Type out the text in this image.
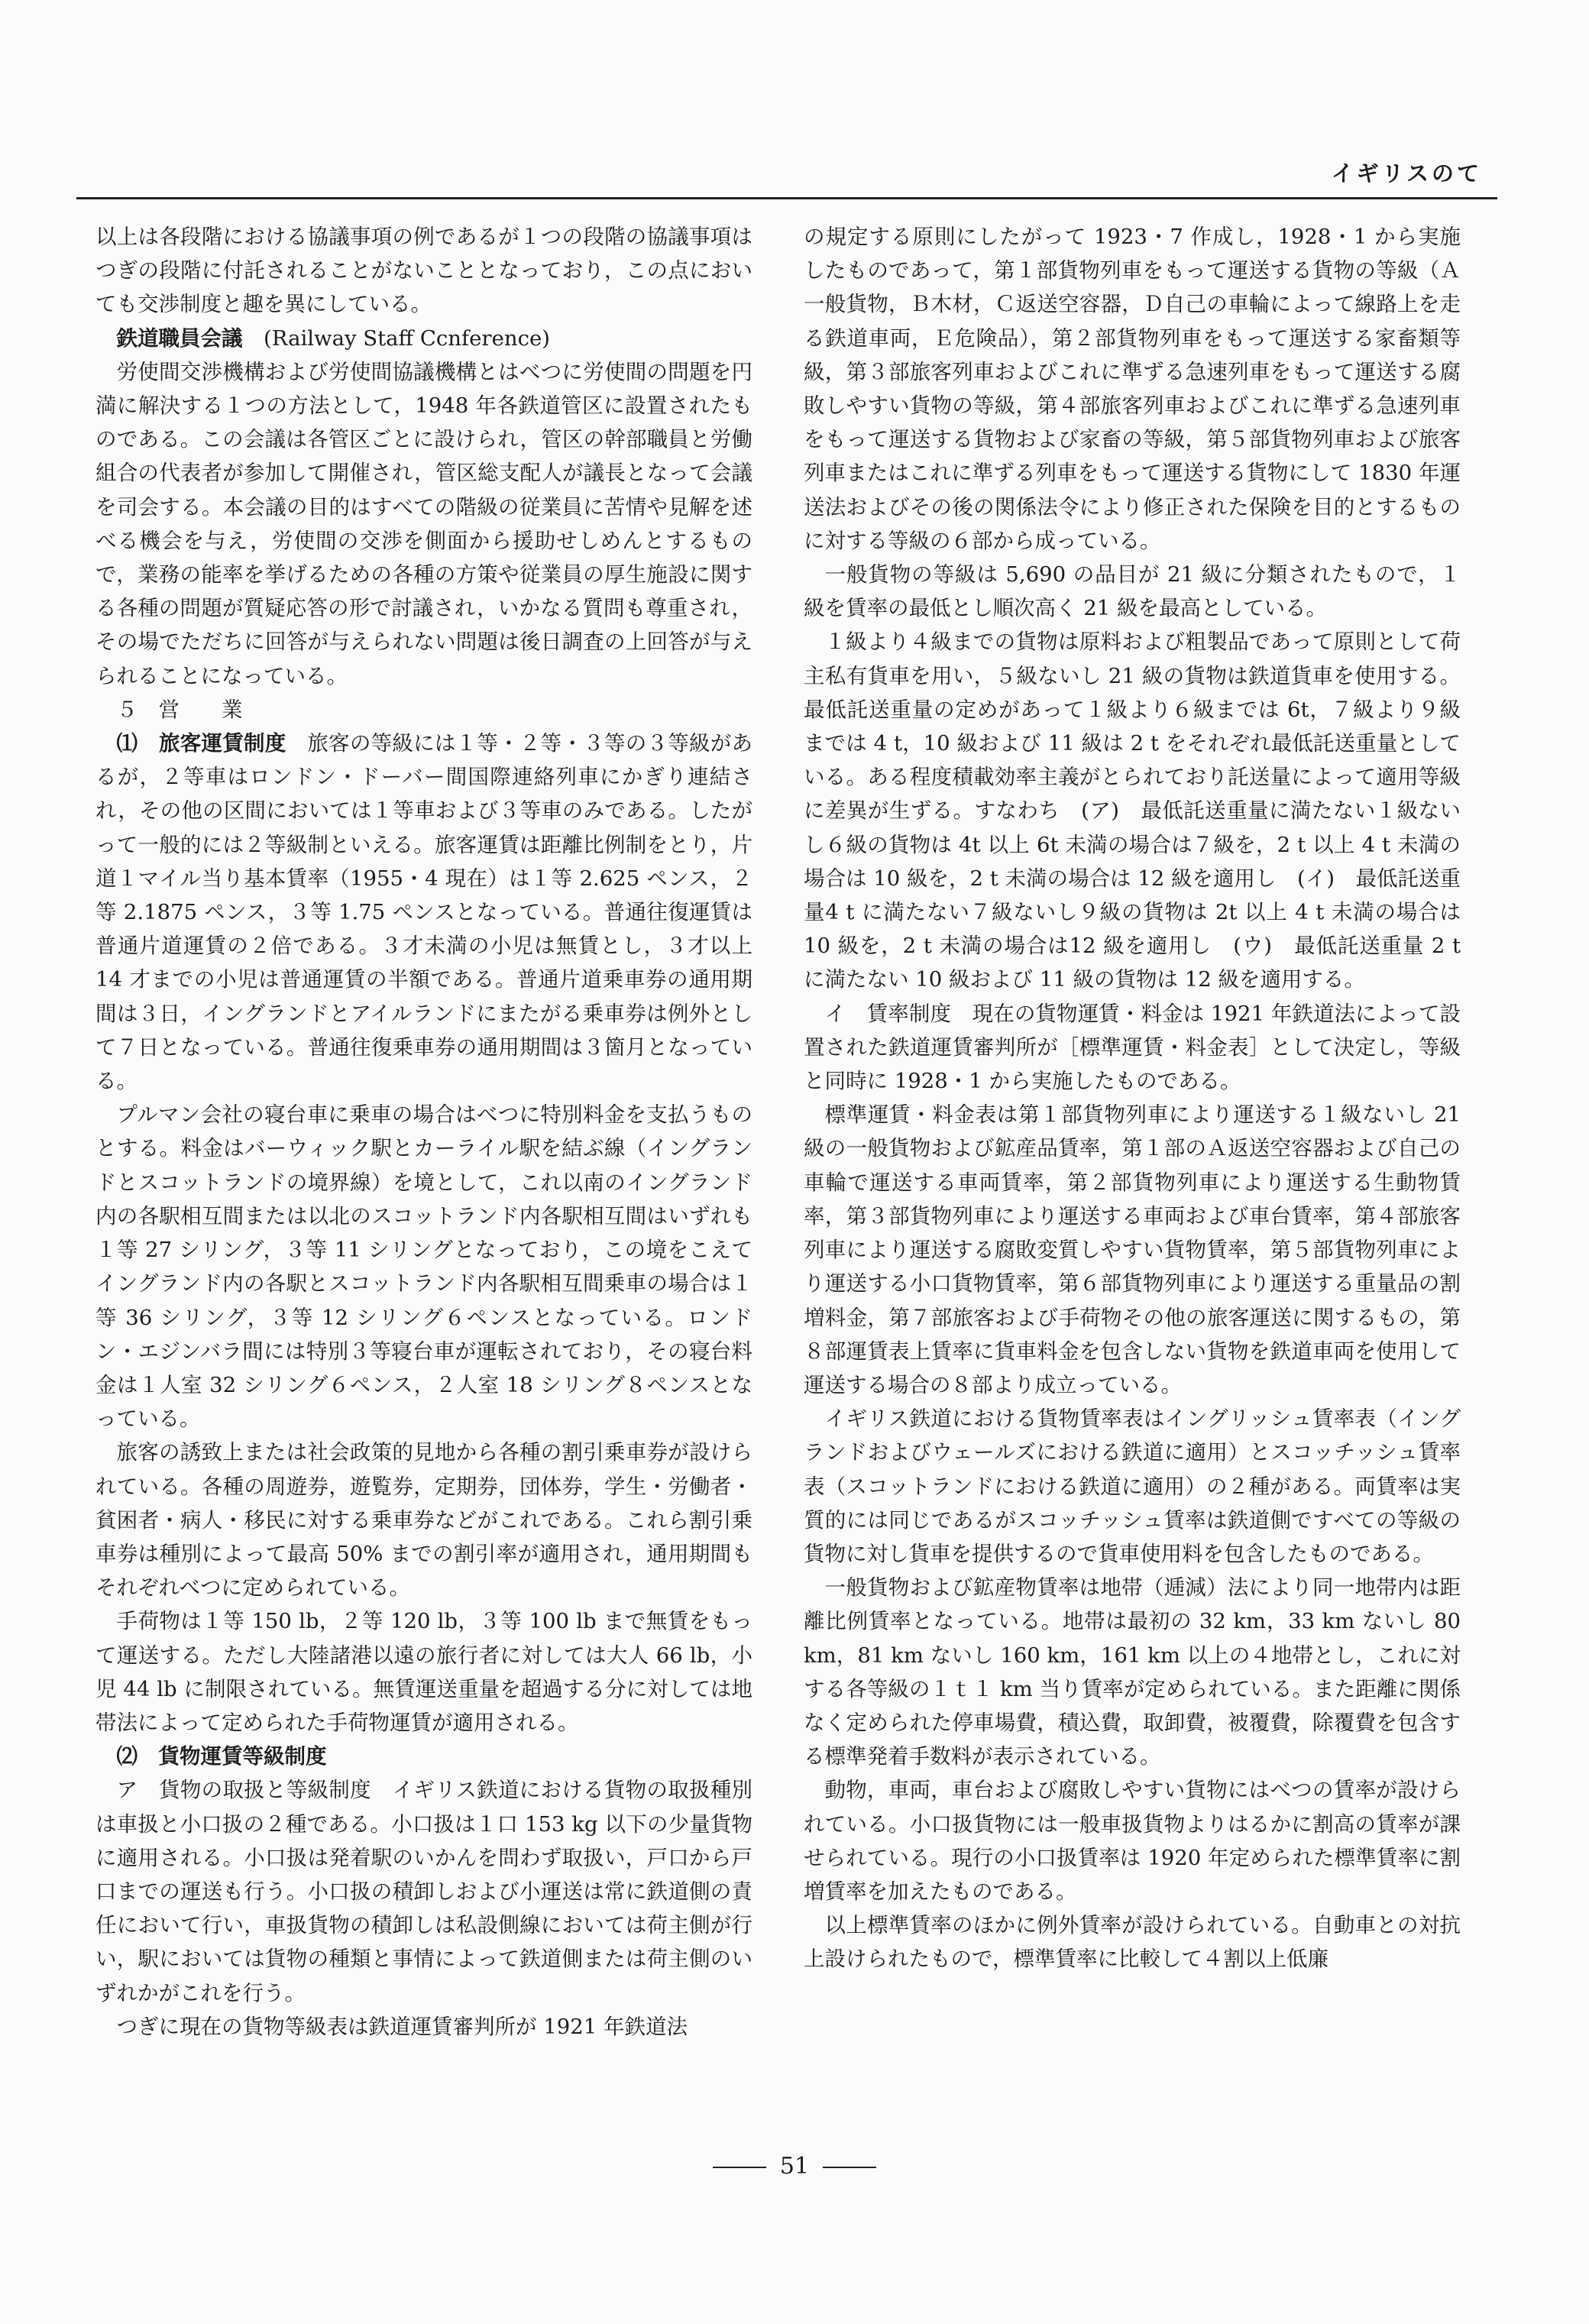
イギリスのて

以上は各段階における協議事項の例であるが１つの段階の協議事項はつぎの段階に付託されることがないこととなっており，この点においても交渉制度と趣を異にしている。

鉄道職員会議　 (Railway Staff Ccnference)

労使間交渉機構および労使間協議機構とはべつに労使間の問題を円満に解決する１つの方法として，1948 年各鉄道管区に設置されたものである。この会議は各管区ごとに設けられ，管区の幹部職員と労働組合の代表者が参加して開催され，管区総支配人が議長となって会議を司会する。本会議の目的はすべての階級の従業員に苦情や見解を述べる機会を与え，労使間の交渉を側面から援助せしめんとするもので，業務の能率を挙げるための各種の方策や従業員の厚生施設に関する各種の問題が質疑応答の形で討議され，いかなる質問も尊重され，その場でただちに回答が与えられない問題は後日調査の上回答が与えられることになっている。

５　営　　業

⑴　旅客運賃制度　 旅客の等級には１等・２等・３等の３等級があるが，２等車はロンドン・ドーバー間国際連絡列車にかぎり連結され，その他の区間においては１等車および３等車のみである。したがって一般的には２等級制といえる。旅客運賃は距離比例制をとり，片道１マイル当り基本賃率（1955・4 現在）は１等 2.625 ペンス，２等 2.1875 ペンス，３等 1.75 ペンスとなっている。普通往復運賃は普通片道運賃の２倍である。３才未満の小児は無賃とし，３才以上 14 才までの小児は普通運賃の半額である。普通片道乗車券の通用期間は３日，イングランドとアイルランドにまたがる乗車券は例外として７日となっている。普通往復乗車券の通用期間は３箇月となっている。

プルマン会社の寝台車に乗車の場合はべつに特別料金を支払うものとする。料金はバーウィック駅とカーライル駅を結ぶ線（イングランドとスコットランドの境界線）を境として，これ以南のイングランド内の各駅相互間または以北のスコットランド内各駅相互間はいずれも１等 27 シリング，３等 11 シリングとなっており，この境をこえてイングランド内の各駅とスコットランド内各駅相互間乗車の場合は１等 36 シリング，３等 12 シリング６ペンスとなっている。ロンドン・エジンバラ間には特別３等寝台車が運転されており，その寝台料金は１人室 32 シリング６ペンス，２人室 18 シリング８ペンスとなっている。

旅客の誘致上または社会政策的見地から各種の割引乗車券が設けられている。各種の周遊券，遊覧券，定期券，団体券，学生・労働者・貧困者・病人・移民に対する乗車券などがこれである。これら割引乗車券は種別によって最高 50% までの割引率が適用され，通用期間もそれぞれべつに定められている。

手荷物は１等 150 lb，２等 120 lb，３等 100 lb まで無賃をもって運送する。ただし大陸諸港以遠の旅行者に対しては大人 66 lb，小児 44 lb に制限されている。無賃運送重量を超過する分に対しては地帯法によって定められた手荷物運賃が適用される。

⑵　貨物運賃等級制度

ア　貨物の取扱と等級制度　イギリス鉄道における貨物の取扱種別は車扱と小口扱の２種である。小口扱は１口 153 kg 以下の少量貨物に適用される。小口扱は発着駅のいかんを問わず取扱い，戸口から戸口までの運送も行う。小口扱の積卸しおよび小運送は常に鉄道側の責任において行い，車扱貨物の積卸しは私設側線においては荷主側が行い，駅においては貨物の種類と事情によって鉄道側または荷主側のいずれかがこれを行う。

つぎに現在の貨物等級表は鉄道運賃審判所が 1921 年鉄道法

の規定する原則にしたがって 1923・7 作成し，1928・1 から実施したものであって，第１部貨物列車をもって運送する貨物の等級（Ａ一般貨物，Ｂ木材，Ｃ返送空容器，Ｄ自己の車輪によって線路上を走る鉄道車両，Ｅ危険品），第２部貨物列車をもって運送する家畜類等級，第３部旅客列車およびこれに準ずる急速列車をもって運送する腐敗しやすい貨物の等級，第４部旅客列車およびこれに準ずる急速列車をもって運送する貨物および家畜の等級，第５部貨物列車および旅客列車またはこれに準ずる列車をもって運送する貨物にして 1830 年運送法およびその後の関係法令により修正された保険を目的とするものに対する等級の６部から成っている。

一般貨物の等級は 5,690 の品目が 21 級に分類されたもので，１級を賃率の最低とし順次高く 21 級を最高としている。

１級より４級までの貨物は原料および粗製品であって原則として荷主私有貨車を用い，５級ないし 21 級の貨物は鉄道貨車を使用する。最低託送重量の定めがあって１級より６級までは 6t，７級より９級までは 4 t，10 級および 11 級は 2 t をそれぞれ最低託送重量としている。ある程度積載効率主義がとられており託送量によって適用等級に差異が生ずる。すなわち　(ア)　最低託送重量に満たない１級ないし６級の貨物は 4t 以上 6t 未満の場合は７級を，2 t 以上 4 t 未満の場合は 10 級を，2 t 未満の場合は 12 級を適用し　(イ)　最低託送重量4 t に満たない７級ないし９級の貨物は 2t 以上 4 t 未満の場合は 10 級を，2 t 未満の場合は12 級を適用し　(ウ)　最低託送重量 2 t に満たない 10 級および 11 級の貨物は 12 級を適用する。

イ　賃率制度　現在の貨物運賃・料金は 1921 年鉄道法によって設置された鉄道運賃審判所が［標準運賃・料金表］として決定し，等級と同時に 1928・1 から実施したものである。

標準運賃・料金表は第１部貨物列車により運送する１級ないし 21 級の一般貨物および鉱産品賃率，第１部のＡ返送空容器および自己の車輪で運送する車両賃率，第２部貨物列車により運送する生動物賃率，第３部貨物列車により運送する車両および車台賃率，第４部旅客列車により運送する腐敗変質しやすい貨物賃率，第５部貨物列車により運送する小口貨物賃率，第６部貨物列車により運送する重量品の割増料金，第７部旅客および手荷物その他の旅客運送に関するもの，第８部運賃表上賃率に貨車料金を包含しない貨物を鉄道車両を使用して運送する場合の８部より成立っている。

イギリス鉄道における貨物賃率表はイングリッシュ賃率表（イングランドおよびウェールズにおける鉄道に適用）とスコッチッシュ賃率表（スコットランドにおける鉄道に適用）の２種がある。両賃率は実質的には同じであるがスコッチッシュ賃率は鉄道側ですべての等級の貨物に対し貨車を提供するので貨車使用料を包含したものである。

一般貨物および鉱産物賃率は地帯（逓減）法により同一地帯内は距離比例賃率となっている。地帯は最初の 32 km，33 km ないし 80 km，81 km ないし 160 km，161 km 以上の４地帯とし，これに対する各等級の１ｔ１ km 当り賃率が定められている。また距離に関係なく定められた停車場費，積込費，取卸費，被覆費，除覆費を包含する標準発着手数料が表示されている。

動物，車両，車台および腐敗しやすい貨物にはべつの賃率が設けられている。小口扱貨物には一般車扱貨物よりはるかに割高の賃率が課せられている。現行の小口扱賃率は 1920 年定められた標準賃率に割増賃率を加えたものである。

以上標準賃率のほかに例外賃率が設けられている。自動車との対抗上設けられたもので，標準賃率に比較して４割以上低廉

51
